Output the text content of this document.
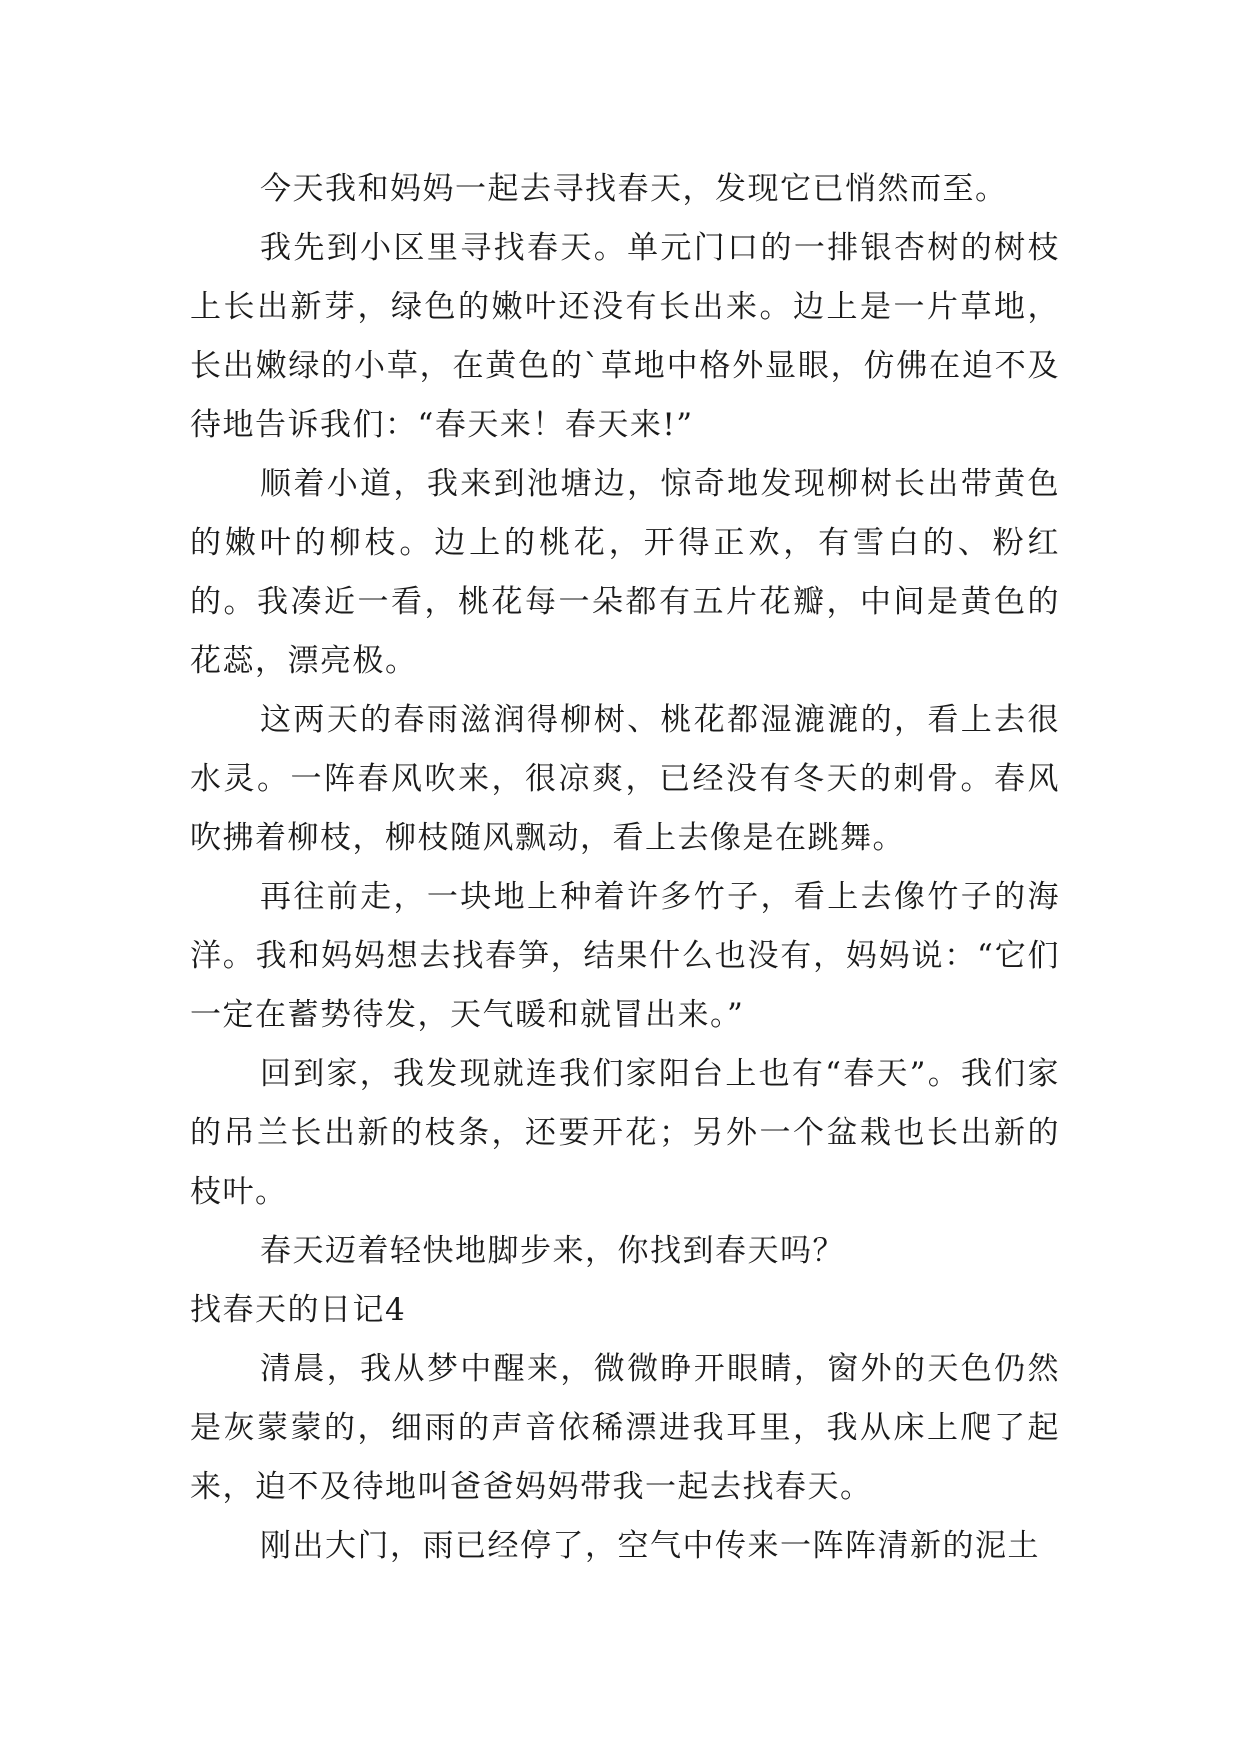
今天我和妈妈一起去寻找春天，发现它已悄然而至。

我先到小区里寻找春天。单元门口的一排银杏树的树枝上长出新芽，绿色的嫩叶还没有长出来。边上是一片草地，长出嫩绿的小草，在黄色的`草地中格外显眼，仿佛在迫不及待地告诉我们：“春天来！春天来!”

顺着小道，我来到池塘边，惊奇地发现柳树长出带黄色的嫩叶的柳枝。边上的桃花，开得正欢，有雪白的、粉红的。我凑近一看，桃花每一朵都有五片花瓣，中间是黄色的花蕊，漂亮极。

这两天的春雨滋润得柳树、桃花都湿漉漉的，看上去很水灵。一阵春风吹来，很凉爽，已经没有冬天的刺骨。春风吹拂着柳枝，柳枝随风飘动，看上去像是在跳舞。

再往前走，一块地上种着许多竹子，看上去像竹子的海洋。我和妈妈想去找春笋，结果什么也没有，妈妈说：“它们一定在蓄势待发，天气暖和就冒出来。”

回到家，我发现就连我们家阳台上也有“春天”。我们家的吊兰长出新的枝条，还要开花；另外一个盆栽也长出新的枝叶。

春天迈着轻快地脚步来，你找到春天吗？

找春天的日记4

清晨，我从梦中醒来，微微睁开眼睛，窗外的天色仍然是灰蒙蒙的，细雨的声音依稀漂进我耳里，我从床上爬了起来，迫不及待地叫爸爸妈妈带我一起去找春天。

刚出大门，雨已经停了，空气中传来一阵阵清新的泥土
